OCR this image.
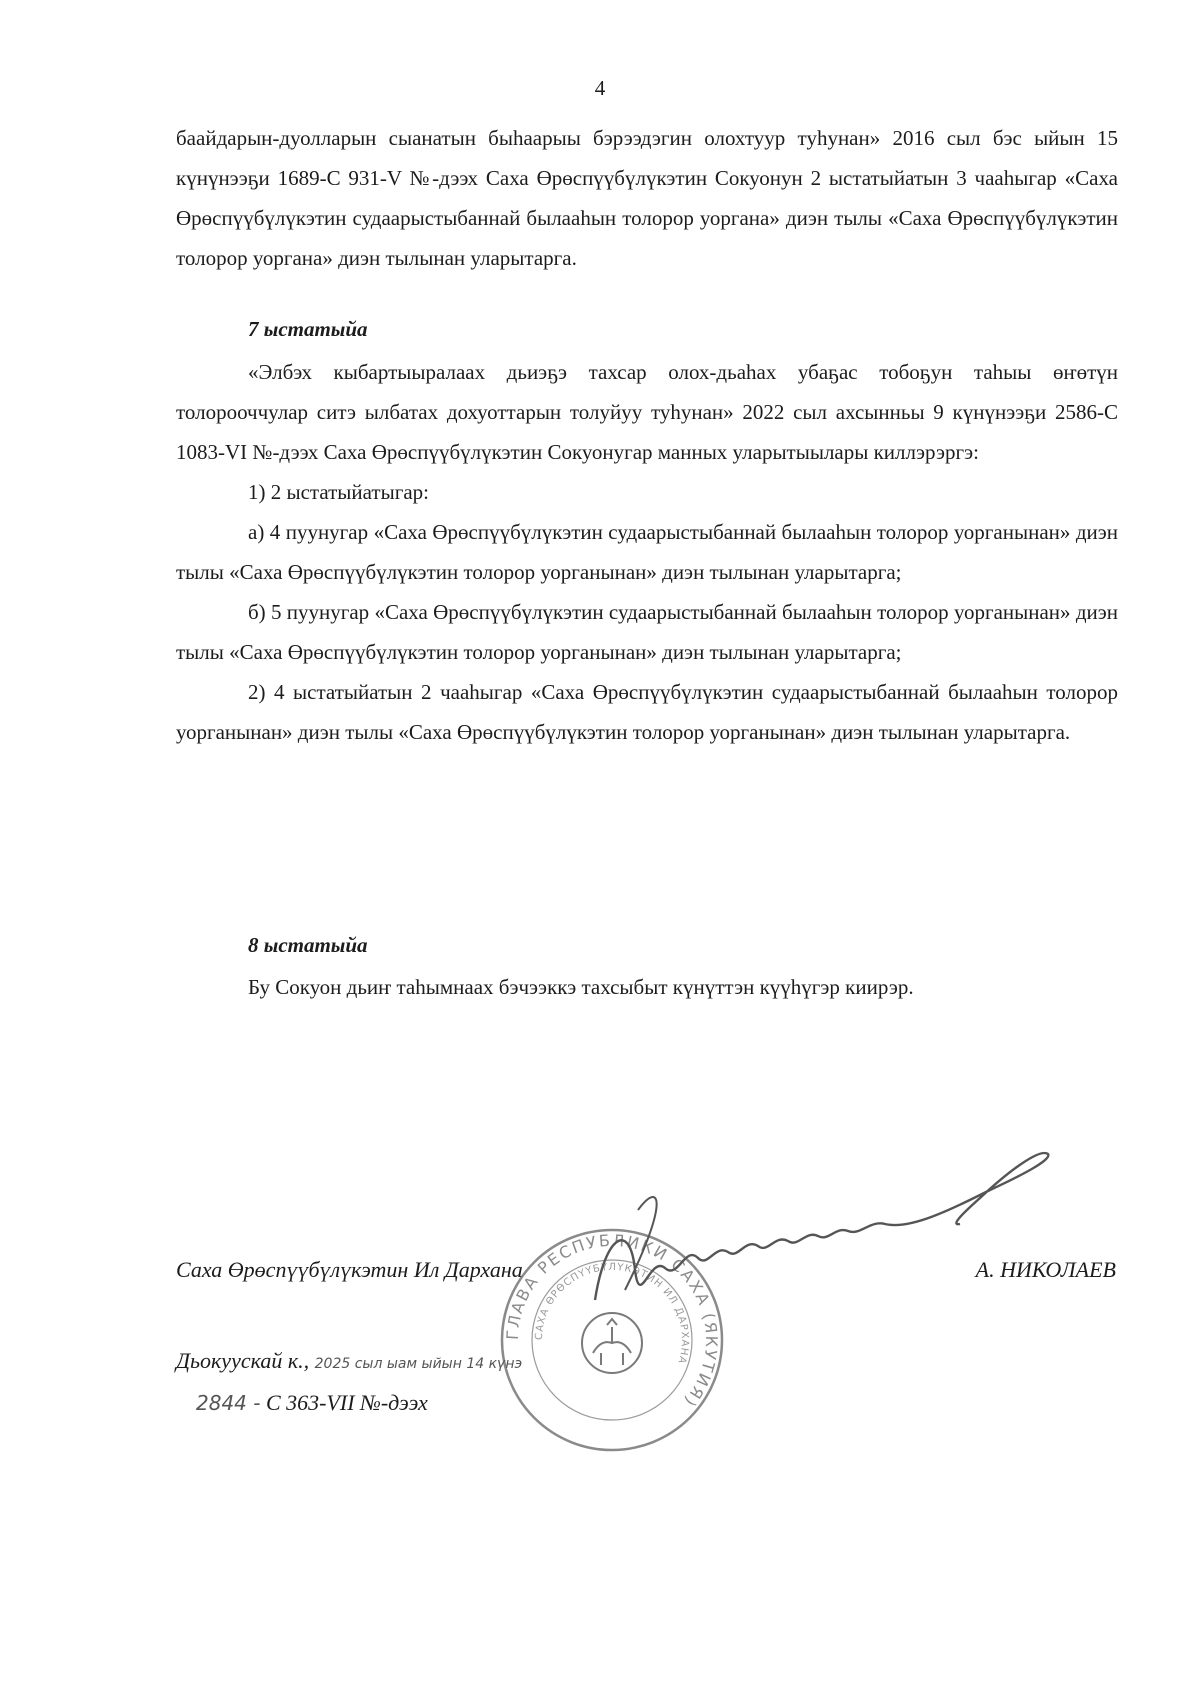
4

баайдарын-дуолларын сыанатын быһаарыы бэрээдэгин олохтуур туһунан» 2016 сыл бэс ыйын 15 күнүнээҕи 1689-С 931-V №-дээх Саха Өрөспүүбүлүкэтин Сокуонун 2 ыстатыйатын 3 чааһыгар «Саха Өрөспүүбүлүкэтин судаарыстыбаннай былааһын толорор уоргана» диэн тылы «Саха Өрөспүүбүлүкэтин толорор уоргана» диэн тылынан уларытарга.

7 ыстатыйа

«Элбэх кыбартыыралаах дьиэҕэ тахсар олох-дьаһах убаҕас тобоҕун таһыы өҥөтүн толорооччулар ситэ ылбатах дохуоттарын толуйуу туһунан» 2022 сыл ахсынньы 9 күнүнээҕи 2586-С 1083-VI №-дээх Саха Өрөспүүбүлүкэтин Сокуонугар манных уларытыылары киллэрэргэ:

1) 2 ыстатыйатыгар:

а) 4 пуунугар «Саха Өрөспүүбүлүкэтин судаарыстыбаннай былааһын толорор уорганынан» диэн тылы «Саха Өрөспүүбүлүкэтин толорор уорганынан» диэн тылынан уларытарга;

б) 5 пуунугар «Саха Өрөспүүбүлүкэтин судаарыстыбаннай былааһын толорор уорганынан» диэн тылы «Саха Өрөспүүбүлүкэтин толорор уорганынан» диэн тылынан уларытарга;

2) 4 ыстатыйатын 2 чааһыгар «Саха Өрөспүүбүлүкэтин судаарыстыбаннай былааһын толорор уорганынан» диэн тылы «Саха Өрөспүүбүлүкэтин толорор уорганынан» диэн тылынан уларытарга.

8 ыстатыйа

Бу Сокуон дьиҥ таһымнаах бэчээккэ тахсыбыт күнүттэн күүһүгэр киирэр.

ГЛАВА РЕСПУБЛИКИ САХА (ЯКУТИЯ)
САХА ӨРӨСПҮҮБҮЛҮКЭТИН ИЛ ДАРХАНА
Саха Өрөспүүбүлүкэтин Ил Дархана	А. НИКОЛАЕВ
Дьокуускай к., 2025 сыл ыам ыйын 14 күнэ
2844 - С 363-VII №-дээх
